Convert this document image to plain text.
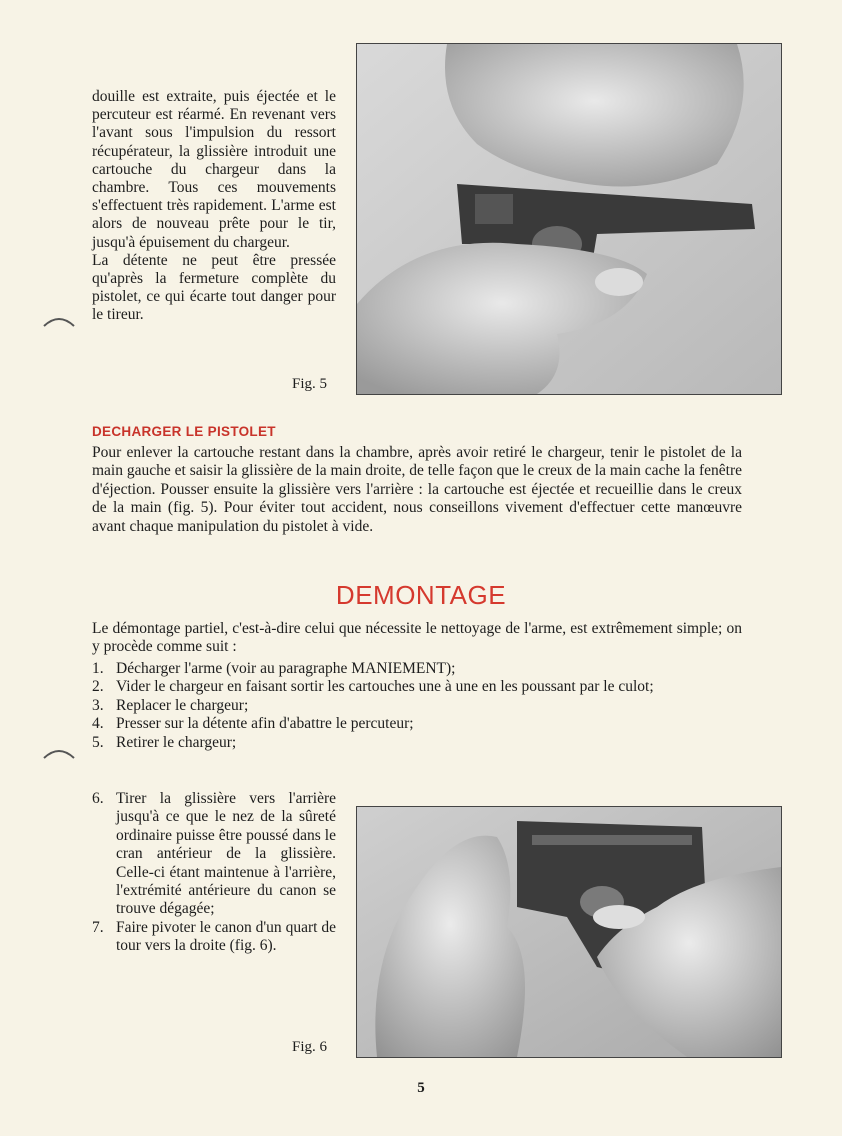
douille est extraite, puis éjectée et le percuteur est réarmé. En revenant vers l'avant sous l'impulsion du ressort récupérateur, la glissière introduit une cartouche du chargeur dans la chambre. Tous ces mouvements s'effectuent très rapidement. L'arme est alors de nouveau prête pour le tir, jusqu'à épuisement du chargeur.

La détente ne peut être pressée qu'après la fermeture complète du pistolet, ce qui écarte tout danger pour le tireur.

Fig. 5
DECHARGER LE PISTOLET

Pour enlever la cartouche restant dans la chambre, après avoir retiré le chargeur, tenir le pistolet de la main gauche et saisir la glissière de la main droite, de telle façon que le creux de la main cache la fenêtre d'éjection. Pousser ensuite la glissière vers l'arrière : la cartouche est éjectée et recueillie dans le creux de la main (fig. 5). Pour éviter tout accident, nous conseillons vivement d'effectuer cette manœuvre avant chaque manipulation du pistolet à vide.

DEMONTAGE

Le démontage partiel, c'est-à-dire celui que nécessite le nettoyage de l'arme, est extrêmement simple; on y procède comme suit :

1. Décharger l'arme (voir au paragraphe MANIEMENT);
2. Vider le chargeur en faisant sortir les cartouches une à une en les poussant par le culot;
3. Replacer le chargeur;
4. Presser sur la détente afin d'abattre le percuteur;
5. Retirer le chargeur;
6. Tirer la glissière vers l'arrière jusqu'à ce que le nez de la sûreté ordinaire puisse être poussé dans le cran antérieur de la glissière. Celle-ci étant maintenue à l'arrière, l'extrémité antérieure du canon se trouve dégagée;
7. Faire pivoter le canon d'un quart de tour vers la droite (fig. 6).
Fig. 6
5
